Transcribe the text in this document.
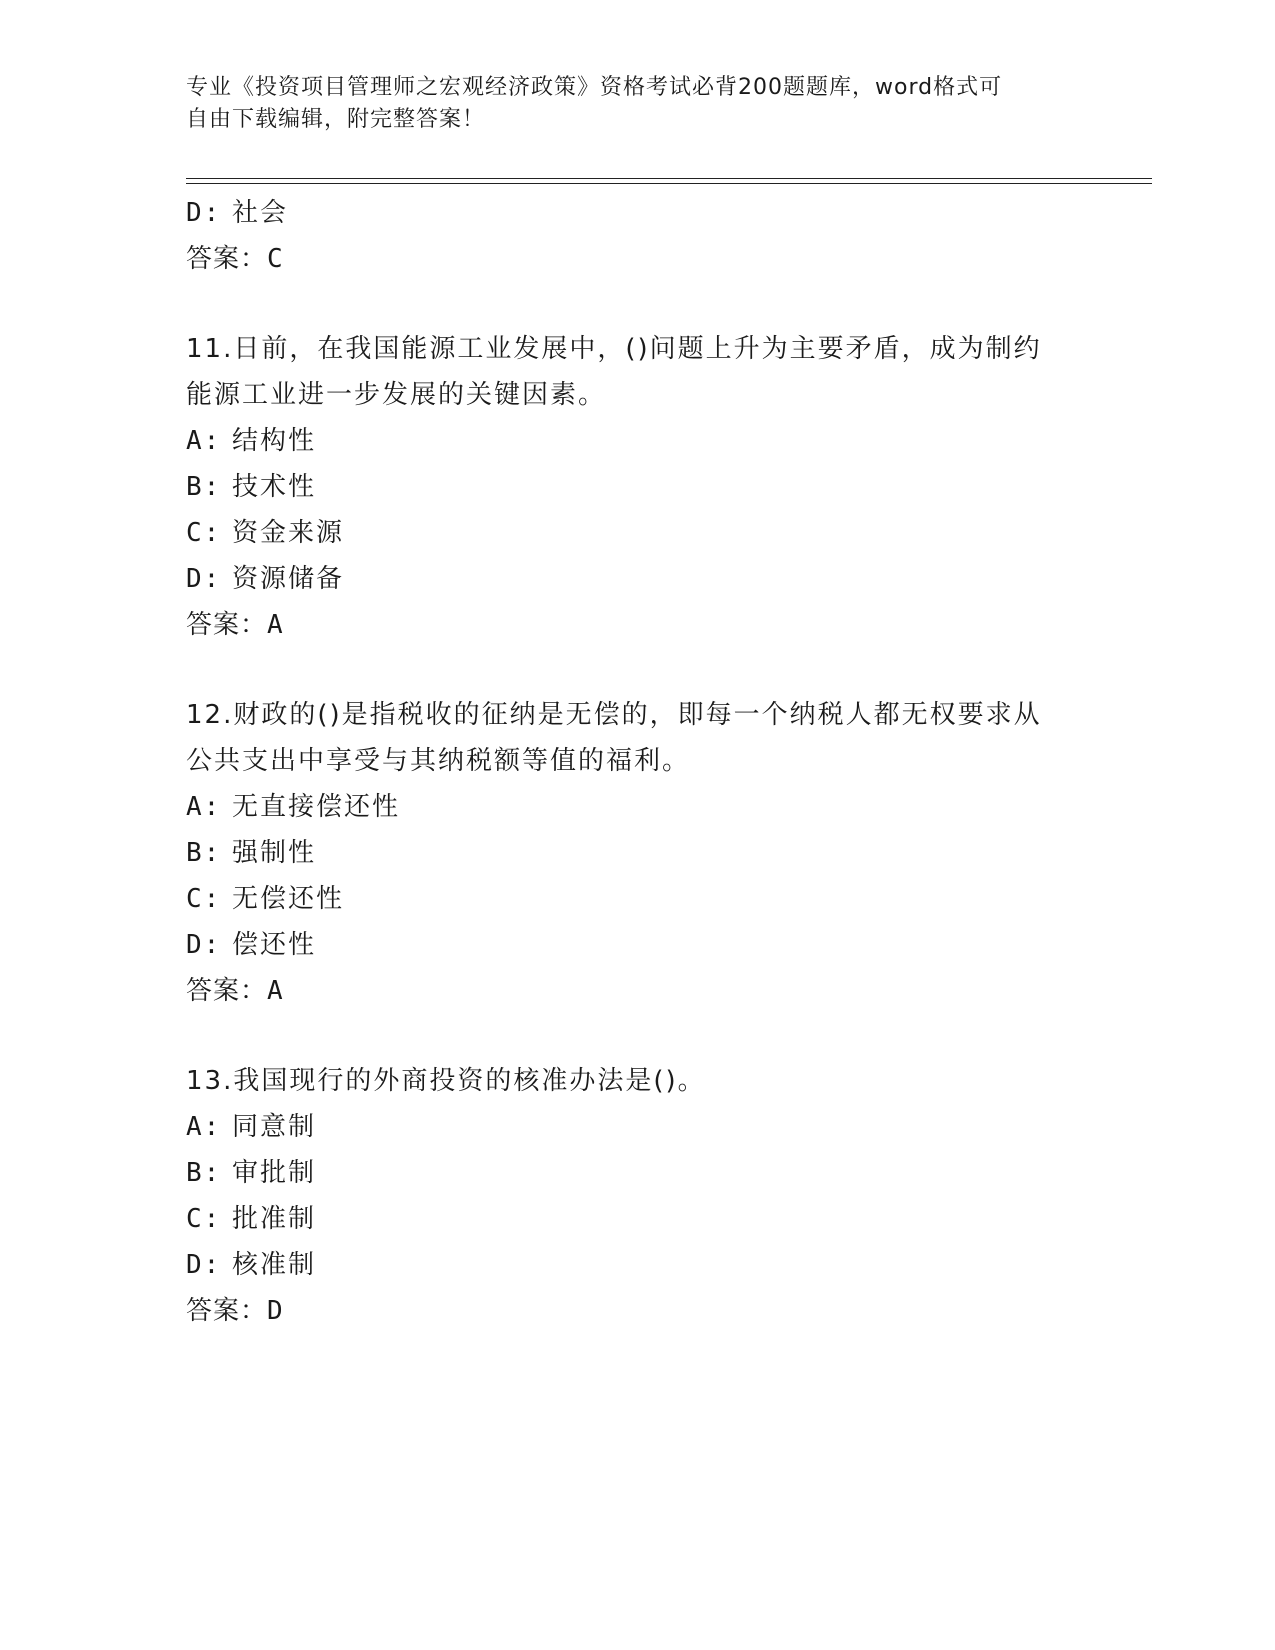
专业《投资项目管理师之宏观经济政策》资格考试必背200题题库，word格式可
自由下载编辑，附完整答案！
D: 社会
答案：C
11.日前，在我国能源工业发展中，()问题上升为主要矛盾，成为制约
能源工业进一步发展的关键因素。
A: 结构性
B: 技术性
C: 资金来源
D: 资源储备
答案：A
12.财政的()是指税收的征纳是无偿的，即每一个纳税人都无权要求从
公共支出中享受与其纳税额等值的福利。
A: 无直接偿还性
B: 强制性
C: 无偿还性
D: 偿还性
答案：A
13.我国现行的外商投资的核准办法是()。
A: 同意制
B: 审批制
C: 批准制
D: 核准制
答案：D
